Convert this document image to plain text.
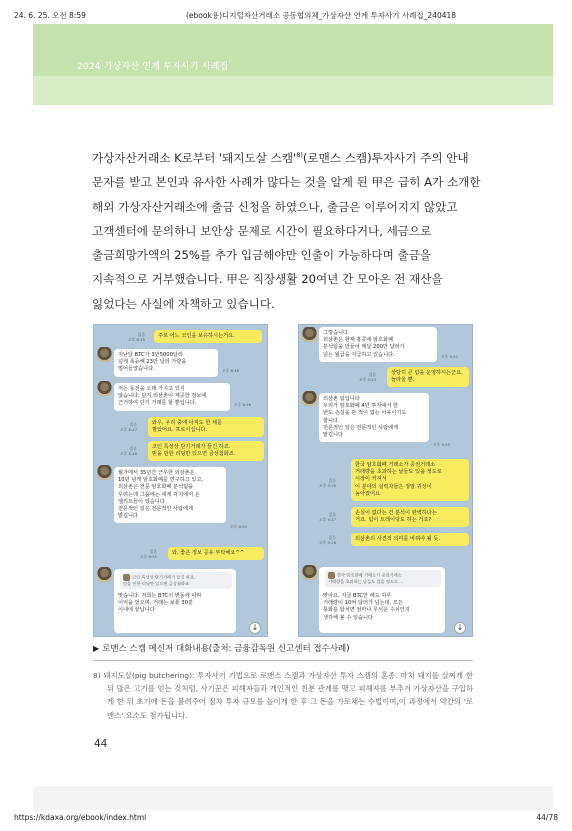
24. 6. 25. 오전 8:59	(ebook용)디지털자산거래소 공동협의체_가상자산 연계 투자사기 사례집_240418
2024 가상자산 연계 투자사기 사례집
가상자산거래소 K로부터 '돼지도살 스캠'$^{8)}$(로맨스 스캠)투자사기 주의 안내
문자를 받고 본인과 유사한 사례가 많다는 것을 알게 된 甲은 급히 A가 소개한
해외 가상자산거래소에 출금 신청을 하였으나, 출금은 이루어지지 않았고
고객센터에 문의하니 보안상 문제로 시간이 필요하다거나, 세금으로
출금희망가액의 25%를 추가 입금해야만 인출이 가능하다며 출금을
지속적으로 거부했습니다. 甲은 직장생활 20여년 간 모아온 전 재산을
잃었다는 사실에 자책하고 있습니다.
읽음
오후 8:45
주로 어느 코인을 보유하시는거요.
지난달 BTC가 3만5000달러
넘게 폭등해 23만 달러 가량을
벌어들였습니다.	오후 8:46
저는 동전을 오래 가지고 있지
않습니다. 단지 외삼촌이 제공한 정보에
근거하여 단기 거래를 할 뿐입니다.	오후 8:46
읽음
오후 8:47
와우, 우리 중에 아직도 한 채를
짤았어요. 프로이십니다.
읽음
오후 8:48
코인 특성상 단기거래가 들긴 하죠.
믿을 만한 리딩만 있으면 금상첨화죠.
월가에서 35년간 근무한 외삼촌은
10년 넘게 암호화폐를 연구하고 있고,
외삼촌은 전문 암호화폐 분석팀을
꾸려는데 그룹에는 세계 각지에서 온
엘리트들이 있습니다
전문적인 일은 전문적인 사람에게
맡깁니다
오후 8:50
읽음
오후 8:51
와, 좋은 정보 공유 부탁해요^^

코인 특성상 단기거래가 들긴 하죠.
믿을 만한 리딩만 있으면 금상첨화죠.

맞습니다. 저희는 BTC의 변동에 따라
이익을 얻으며, 거래는 보통 30분
이내에 끝납니다

↓
그렇습니다.
외삼촌은 현재 홍콩에 암호화폐
분석팀을 만들어 매달 200만 달러가
넘는 월급을 지급하고 있습니다.	오후 9:22
읽음
오후 9:23
상당히 큰 팀을 운영하시는군요.
놀라울 뿐.
외삼촌 팀입니다
우리가 암호화폐 4년 투자에서 한
번도 손실을 본 적이 없는 이유이기도
합니다.
전문적인 일은 전문적인 사람에게
맡깁니다
오후 9:25
읽음
오후 9:26
한국 암호화폐 거래소가 증권거래소
거래량을 초과하는 날들도 있을 정도로
시장이 커져서
이 분야의 실력자들은 정말 귀상이
높아졌어요.
읽음
오후 9:27
손실이 없다는 건 분석이 완벽하다는
거죠. 팀이 트레이딩도 하는 거죠?
읽음
오후 9:28
외삼촌의 사견적 의미를 바꿔야 될 듯.

한국 암호화폐 거래소가 증권거래소
거래량을 초과하는 날들도 있을 정도로 ...

맞아요, 지금 BTC만 해도 하루
거래량이 10억 달러가 넘는데, 모든
통화를 합치면 엄마나 무서운 수치인지
생각해 볼 수 있습니다

↓
▶ 로맨스 스캠 메신저 대화내용(출처: 금융감독원 신고센터 접수사례)
8) 돼지도살(pig butchering): 투자사기 기법으로 로맨스 스캠과 가상자산 투자 스캠의 혼종. 마치 돼지를 살찌게 한 뒤 많은 고기를 얻는 것처럼, 사기꾼은 피해자들과 개인적인 친분 관계를 맺고 피해자를 부추겨 가상자산을 구입하게 한 뒤 초기에 돈을 불려주어 점차 투자 규모를 높이게 한 후 그 돈을 가로채는 수법이며,이 과정에서 약간의 '로맨스' 요소도 첨가됩니다.
44
https://kdaxa.org/ebook/index.html	44/78
